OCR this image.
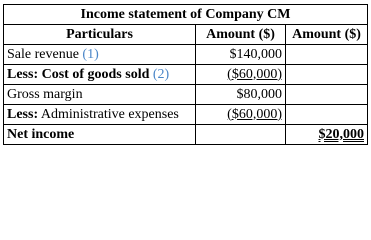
Income statement of Company CM		
Particulars	Amount ($)	Amount ($)
Sale revenue (1)	$140,000	
Less: Cost of goods sold (2)	($60,000)	
Gross margin	$80,000	
Less: Administrative expenses	($60,000)	
Net income		$20,000
